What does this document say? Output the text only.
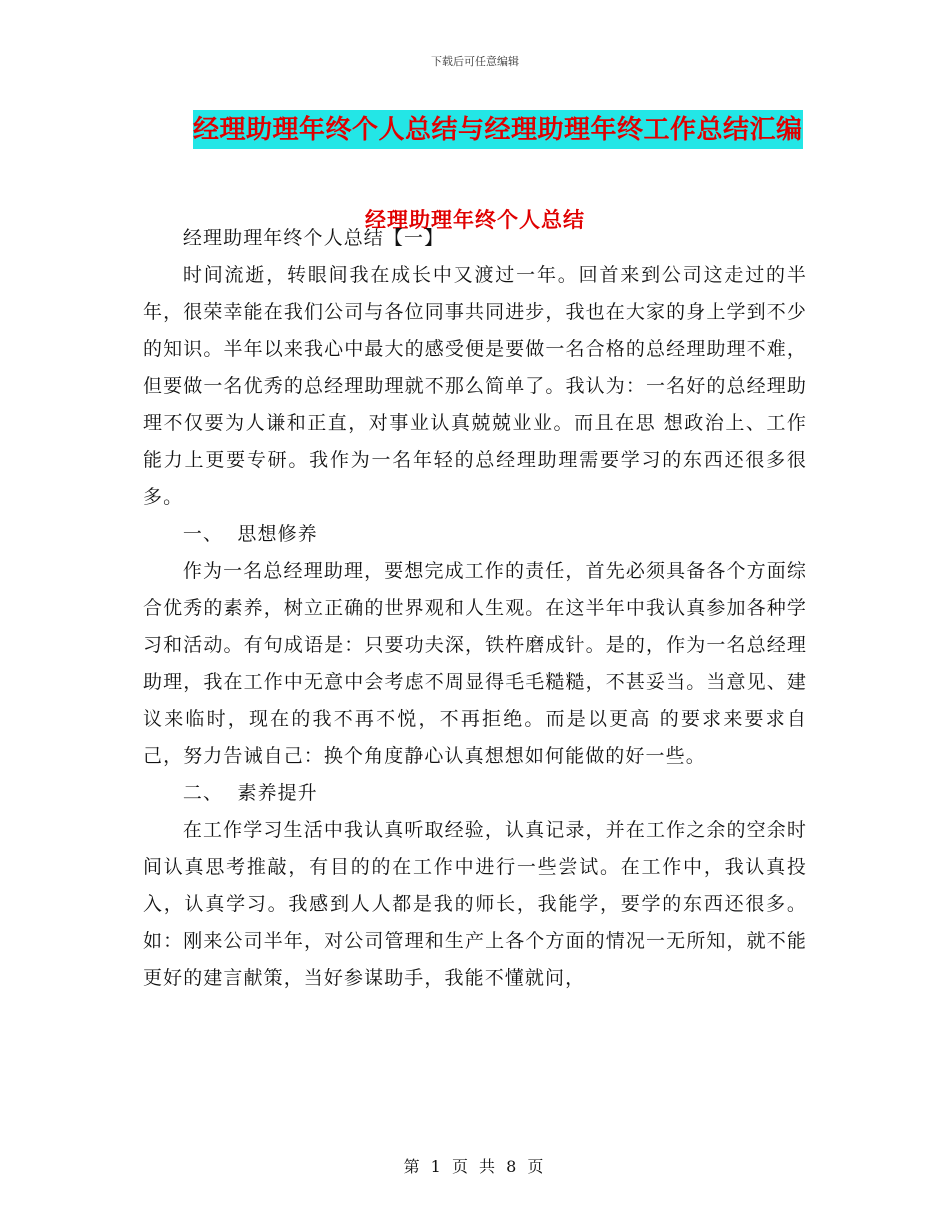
下载后可任意编辑
经理助理年终个人总结与经理助理年终工作总结汇编
经理助理年终个人总结

经理助理年终个人总结【一】

时间流逝，转眼间我在成长中又渡过一年。回首来到公司这走过的半年，很荣幸能在我们公司与各位同事共同进步，我也在大家的身上学到不少的知识。半年以来我心中最大的感受便是要做一名合格的总经理助理不难，但要做一名优秀的总经理助理就不那么简单了。我认为：一名好的总经理助理不仅要为人谦和正直，对事业认真兢兢业业。而且在思 想政治上、工作能力上更要专研。我作为一名年轻的总经理助理需要学习的东西还很多很多。

一、  思想修养

作为一名总经理助理，要想完成工作的责任，首先必须具备各个方面综合优秀的素养，树立正确的世界观和人生观。在这半年中我认真参加各种学习和活动。有句成语是：只要功夫深，铁杵磨成针。是的，作为一名总经理助理，我在工作中无意中会考虑不周显得毛毛糙糙，不甚妥当。当意见、建议来临时，现在的我不再不悦，不再拒绝。而是以更高 的要求来要求自己，努力告诫自己：换个角度静心认真想想如何能做的好一些。

二、  素养提升

在工作学习生活中我认真听取经验，认真记录，并在工作之余的空余时间认真思考推敲，有目的的在工作中进行一些尝试。在工作中，我认真投入，认真学习。我感到人人都是我的师长，我能学，要学的东西还很多。如：刚来公司半年，对公司管理和生产上各个方面的情况一无所知，就不能更好的建言献策，当好参谋助手，我能不懂就问，

第 1 页 共 8 页
